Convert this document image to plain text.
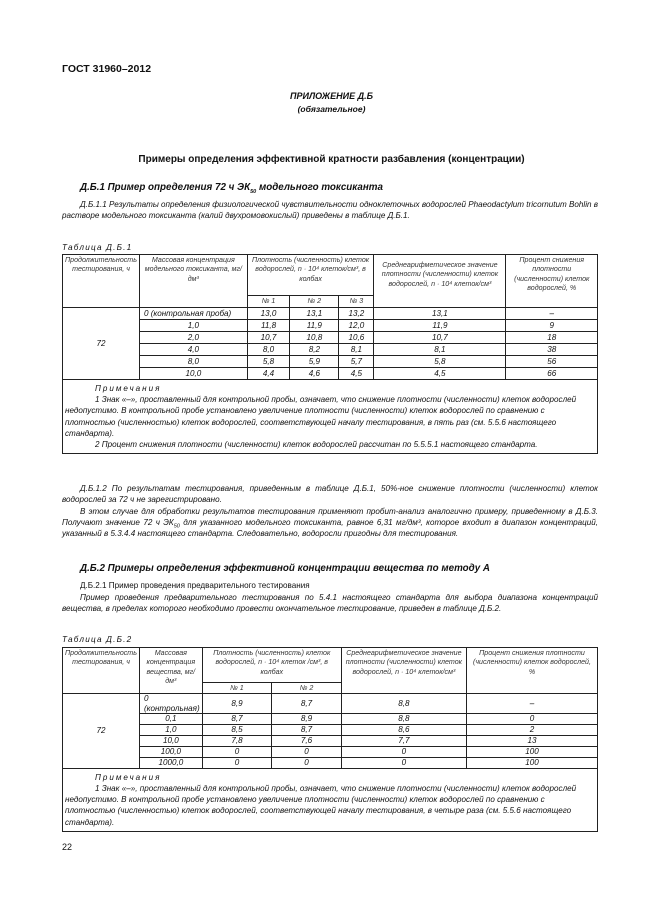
ГОСТ 31960–2012
ПРИЛОЖЕНИЕ Д.Б
(обязательное)
Примеры определения эффективной кратности разбавления (концентрации)
Д.Б.1 Пример определения 72 ч $ЭК_{50}$ модельного токсиканта
Д.Б.1.1 Результаты определения физиологической чувствительности одноклеточных водорослей Phaeodactylum tricornutum Bohlin в растворе модельного токсиканта (калий двухромовокислый) приведены в таблице Д.Б.1.
Таблица Д.Б.1
Продолжительность тестирования, ч	Массовая концентрация модельного токсиканта, мг/дм³	Плотность (численность) клеток водорослей, n · 10⁴ клеток/см³, в колбах			Среднеарифметическое значение плотности (численности) клеток водорослей, n · 10⁴ клеток/см³	Процент снижения плотности (численности) клеток водорослей, %
		№ 1	№ 2	№ 3		
72	0 (контрольная проба)	13,0	13,1	13,2	13,1	–
	1,0	11,8	11,9	12,0	11,9	9
	2,0	10,7	10,8	10,6	10,7	18
	4,0	8,0	8,2	8,1	8,1	38
	8,0	5,8	5,9	5,7	5,8	56
	10,0	4,4	4,6	4,5	4,5	66

Примечания
1 Знак «–», проставленный для контрольной пробы, означает, что снижение плотности (численности) клеток водорослей недопустимо. В контрольной пробе установлено увеличение плотности (численности) клеток водорослей по сравнению с плотностью (численностью) клеток водорослей, соответствующей началу тестирования, в пять раз (см. 5.5.6 настоящего стандарта).
2 Процент снижения плотности (численности) клеток водорослей рассчитан по 5.5.5.1 настоящего стандарта.						
Д.Б.1.2 По результатам тестирования, приведенным в таблице Д.Б.1, 50%-ное снижение плотности (численности) клеток водорослей за 72 ч не зарегистрировано.
В этом случае для обработки результатов тестирования применяют пробит-анализ аналогично примеру, приведенному в Д.Б.3. Получают значение 72 ч $ЭК_{50}$ для указанного модельного токсиканта, равное 6,31 мг/дм³, которое входит в диапазон концентраций, указанный в 5.3.4.4 настоящего стандарта. Следовательно, водоросли пригодны для тестирования.
Д.Б.2 Примеры определения эффективной концентрации вещества по методу А
Д.Б.2.1 Пример проведения предварительного тестирования
Пример проведения предварительного тестирования по 5.4.1 настоящего стандарта для выбора диапазона концентраций вещества, в пределах которого необходимо провести окончательное тестирование, приведен в таблице Д.Б.2.
Таблица Д.Б.2
Продолжительность тестирования, ч	Массовая концентрация вещества, мг/дм³	Плотность (численность) клеток водорослей, n · 10⁴ клеток /см³, в колбах		Среднеарифметическое значение плотности (численности) клеток водорослей, n · 10⁴ клеток/см³	Процент снижения плотности (численности) клеток водорослей, %
		№ 1	№ 2		
72	0 (контрольная)	8,9	8,7	8,8	–
	0,1	8,7	8,9	8,8	0
	1,0	8,5	8,7	8,6	2
	10,0	7,8	7,6	7,7	13
	100,0	0	0	0	100
	1000,0	0	0	0	100

Примечания
1 Знак «–», проставленный для контрольной пробы, означает, что снижение плотности (численности) клеток водорослей недопустимо. В контрольной пробе установлено увеличение плотности (численности) клеток водорослей по сравнению с плотностью (численностью) клеток водорослей, соответствующей началу тестирования, в четыре раза (см. 5.5.6 настоящего стандарта).					
22
